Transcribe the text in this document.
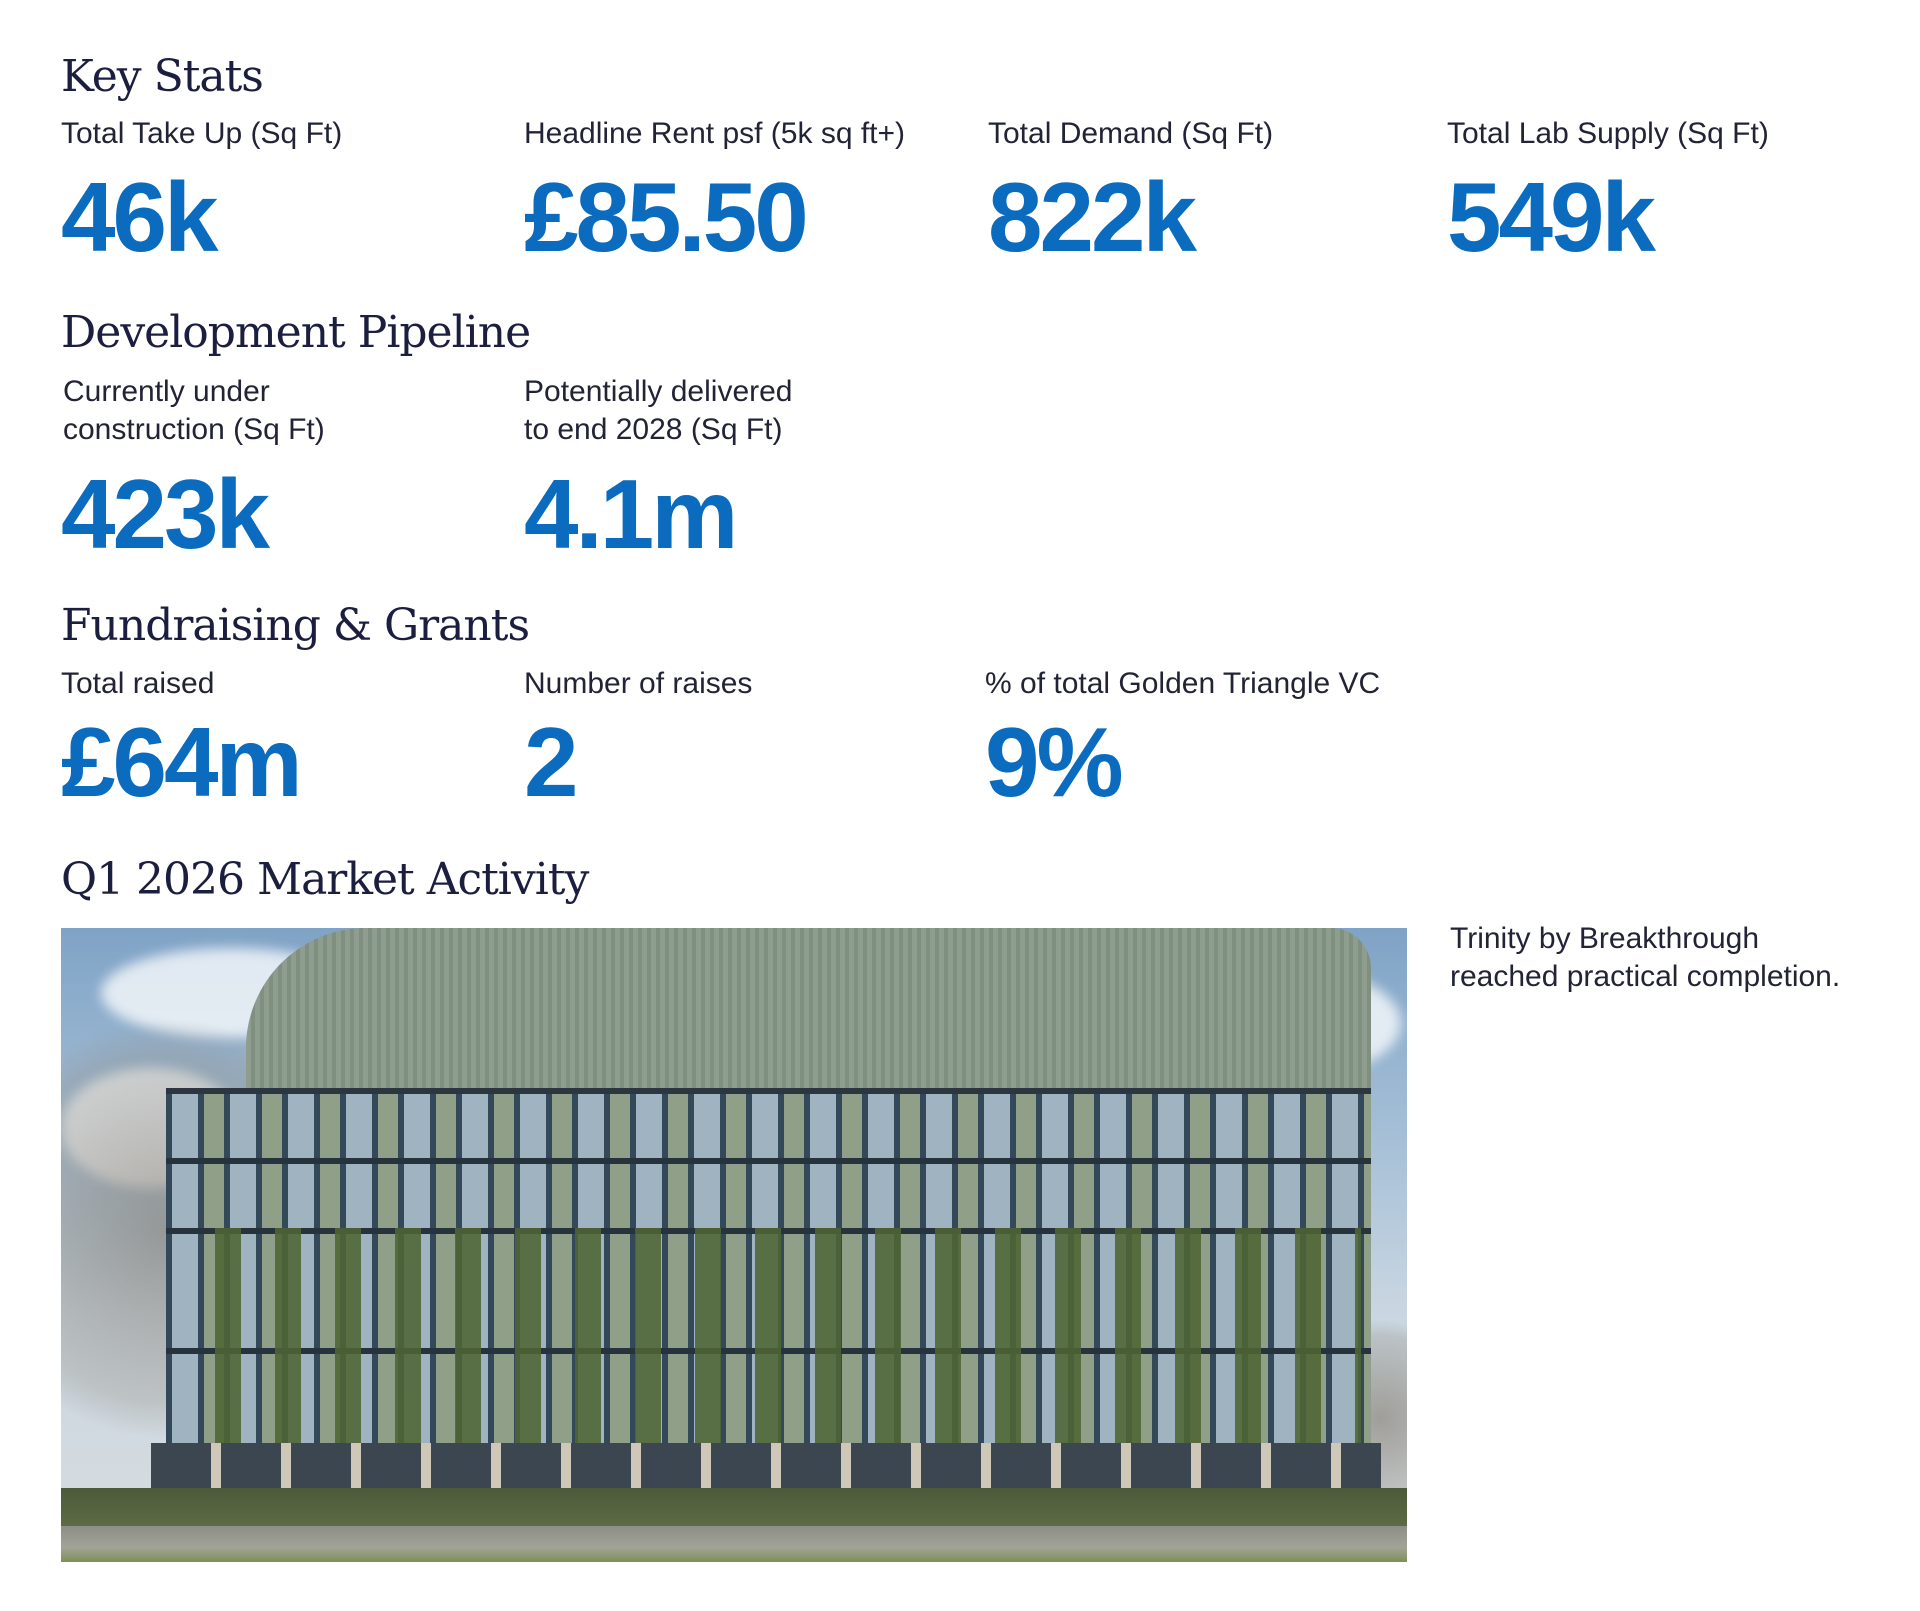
Key Stats
Total Take Up (Sq Ft)
46k
Headline Rent psf (5k sq ft+)
£85.50
Total Demand (Sq Ft)
822k
Total Lab Supply (Sq Ft)
549k
Development Pipeline
Currently under
construction (Sq Ft)
423k
Potentially delivered
to end 2028 (Sq Ft)
4.1m
Fundraising & Grants
Total raised
£64m
Number of raises
2
% of total Golden Triangle VC
9%
Q1 2026 Market Activity
Trinity by Breakthrough
reached practical completion.
